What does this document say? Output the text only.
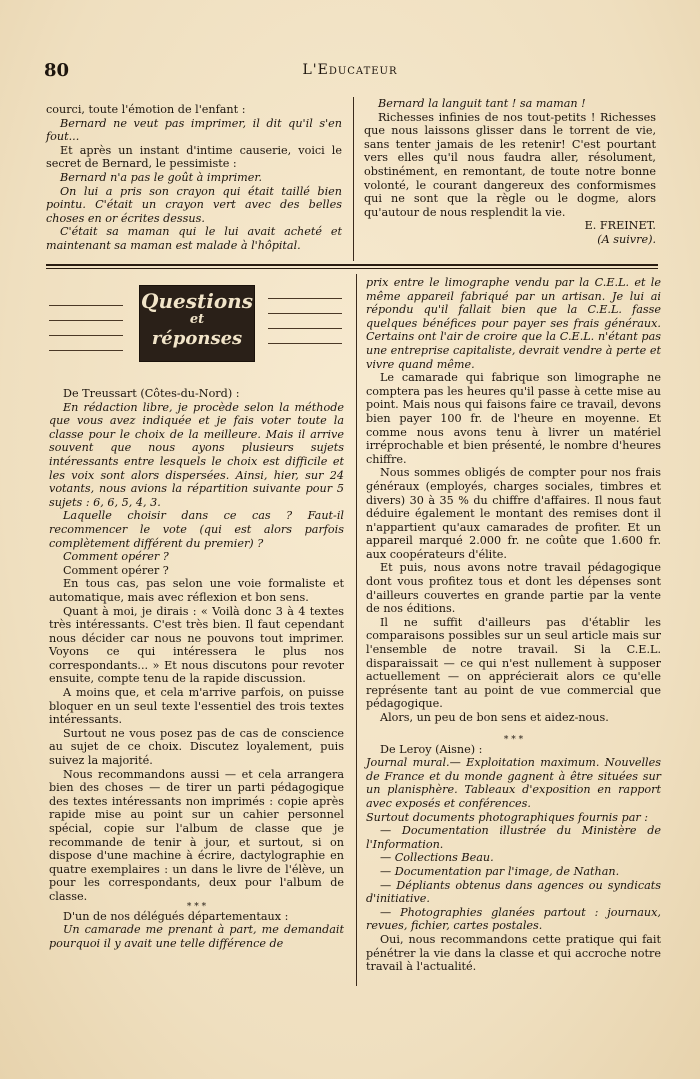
80	L'Educateur

courci, toute l'émotion de l'enfant :

Bernard ne veut pas imprimer, il dit qu'il s'en fout...

Et après un instant d'intime causerie, voici le secret de Bernard, le pessimiste :

Bernard n'a pas le goût à imprimer.

On lui a pris son crayon qui était taillé bien pointu. C'était un crayon vert avec des belles choses en or écrites dessus.

C'était sa maman qui le lui avait acheté et maintenant sa maman est malade à l'hôpital.

Bernard la languit tant ! sa maman !

Richesses infinies de nos tout-petits ! Richesses que nous laissons glisser dans le torrent de vie, sans tenter jamais de les retenir! C'est pourtant vers elles qu'il nous faudra aller, résolument, obstinément, en remontant, de toute notre bonne volonté, le courant dangereux des conformismes qui ne sont que la règle ou le dogme, alors qu'autour de nous resplendit la vie.

E. FREINET.

(A suivre).

Questions
et
réponses

De Treussart (Côtes-du-Nord) :

En rédaction libre, je procède selon la méthode que vous avez indiquée et je fais voter toute la classe pour le choix de la meilleure. Mais il arrive souvent que nous ayons plusieurs sujets intéressants entre lesquels le choix est difficile et les voix sont alors dispersées. Ainsi, hier, sur 24 votants, nous avions la répartition suivante pour 5 sujets : 6, 6, 5, 4, 3.

Laquelle choisir dans ce cas ? Faut-il recommencer le vote (qui est alors parfois complètement différent du premier) ?

Comment opérer ?

Comment opérer ?

En tous cas, pas selon une voie formaliste et automatique, mais avec réflexion et bon sens.

Quant à moi, je dirais : « Voilà donc 3 à 4 textes très intéressants. C'est très bien. Il faut cependant nous décider car nous ne pouvons tout imprimer. Voyons ce qui intéressera le plus nos correspondants... » Et nous discutons pour revoter ensuite, compte tenu de la rapide discussion.

A moins que, et cela m'arrive parfois, on puisse bloquer en un seul texte l'essentiel des trois textes intéressants.

Surtout ne vous posez pas de cas de conscience au sujet de ce choix. Discutez loyalement, puis suivez la majorité.

Nous recommandons aussi — et cela arrangera bien des choses — de tirer un parti pédagogique des textes intéressants non imprimés : copie après rapide mise au point sur un cahier personnel spécial, copie sur l'album de classe que je recommande de tenir à jour, et surtout, si on dispose d'une machine à écrire, dactylographie en quatre exemplaires : un dans le livre de l'élève, un pour les correspondants, deux pour l'album de classe.

* * *

D'un de nos délégués départementaux :

Un camarade me prenant à part, me demandait pourquoi il y avait une telle différence de

prix entre le limographe vendu par la C.E.L. et le même appareil fabriqué par un artisan. Je lui ai répondu qu'il fallait bien que la C.E.L. fasse quelques bénéfices pour payer ses frais généraux. Certains ont l'air de croire que la C.E.L. n'étant pas une entreprise capitaliste, devrait vendre à perte et vivre quand même.

Le camarade qui fabrique son limographe ne comptera pas les heures qu'il passe à cette mise au point. Mais nous qui faisons faire ce travail, devons bien payer 100 fr. de l'heure en moyenne. Et comme nous avons tenu à livrer un matériel irréprochable et bien présenté, le nombre d'heures chiffre.

Nous sommes obligés de compter pour nos frais généraux (employés, charges sociales, timbres et divers) 30 à 35 % du chiffre d'affaires. Il nous faut déduire également le montant des remises dont il n'appartient qu'aux camarades de profiter. Et un appareil marqué 2.000 fr. ne coûte que 1.600 fr. aux coopérateurs d'élite.

Et puis, nous avons notre travail pédagogique dont vous profitez tous et dont les dépenses sont d'ailleurs couvertes en grande partie par la vente de nos éditions.

Il ne suffit d'ailleurs pas d'établir les comparaisons possibles sur un seul article mais sur l'ensemble de notre travail. Si la C.E.L. disparaissait — ce qui n'est nullement à supposer actuellement — on apprécierait alors ce qu'elle représente tant au point de vue commercial que pédagogique.

Alors, un peu de bon sens et aidez-nous.

* * *

De Leroy (Aisne) :

Journal mural.— Exploitation maximum. Nouvelles de France et du monde gagnent à être situées sur un planisphère. Tableaux d'exposition en rapport avec exposés et conférences.

Surtout documents photographiques fournis par :

— Documentation illustrée du Ministère de l'Information.

— Collections Beau.

— Documentation par l'image, de Nathan.

— Dépliants obtenus dans agences ou syndicats d'initiative.

— Photographies glanées partout : journaux, revues, fichier, cartes postales.

Oui, nous recommandons cette pratique qui fait pénétrer la vie dans la classe et qui accroche notre travail à l'actualité.
